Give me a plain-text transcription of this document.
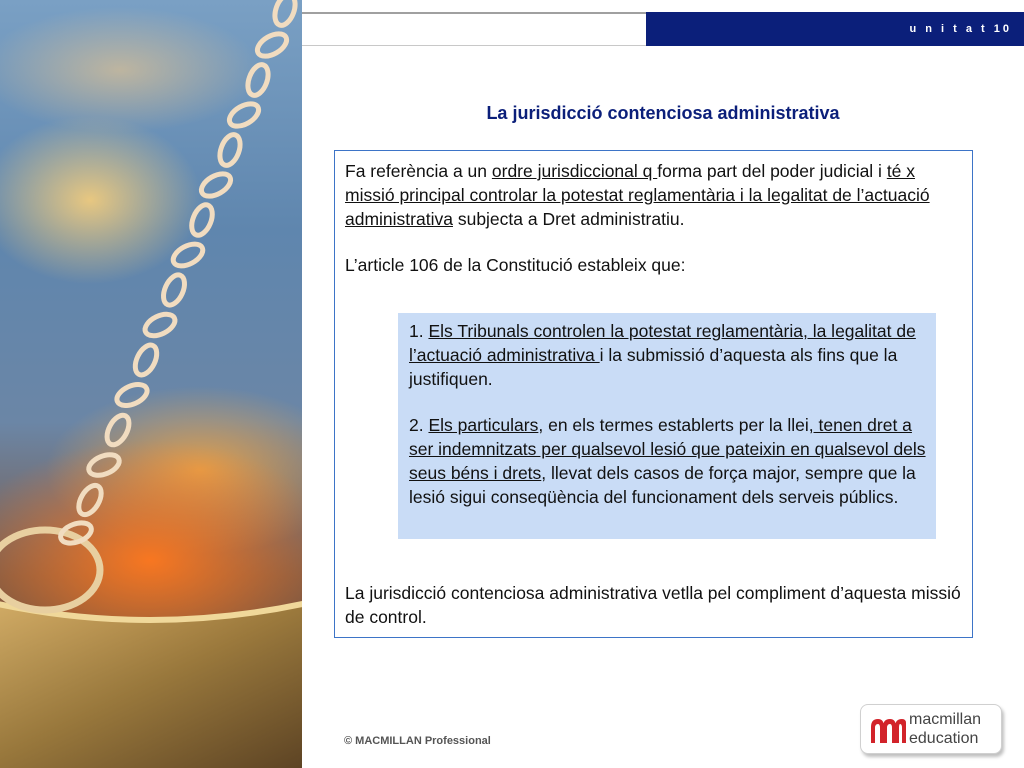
u n i t a t 10
La jurisdicció contenciosa administrativa
Fa referència a un ordre jurisdiccional q forma part del poder judicial i té x missió principal controlar la potestat reglamentària i la legalitat de l’actuació administrativa subjecta a Dret administratiu.
L’article 106 de la Constitució estableix que:
1. Els Tribunals controlen la potestat reglamentària, la legalitat de l’actuació administrativa i la submissió d’aquesta als fins que la justifiquen.
2. Els particulars, en els termes establerts per la llei, tenen dret a ser indemnitzats per qualsevol lesió que pateixin en qualsevol dels seus béns i drets, llevat dels casos de força major, sempre que la lesió sigui conseqüència del funcionament dels serveis públics.
La jurisdicció contenciosa administrativa vetlla pel compliment d’aquesta missió de control.
© MACMILLAN Professional
macmillan
education
